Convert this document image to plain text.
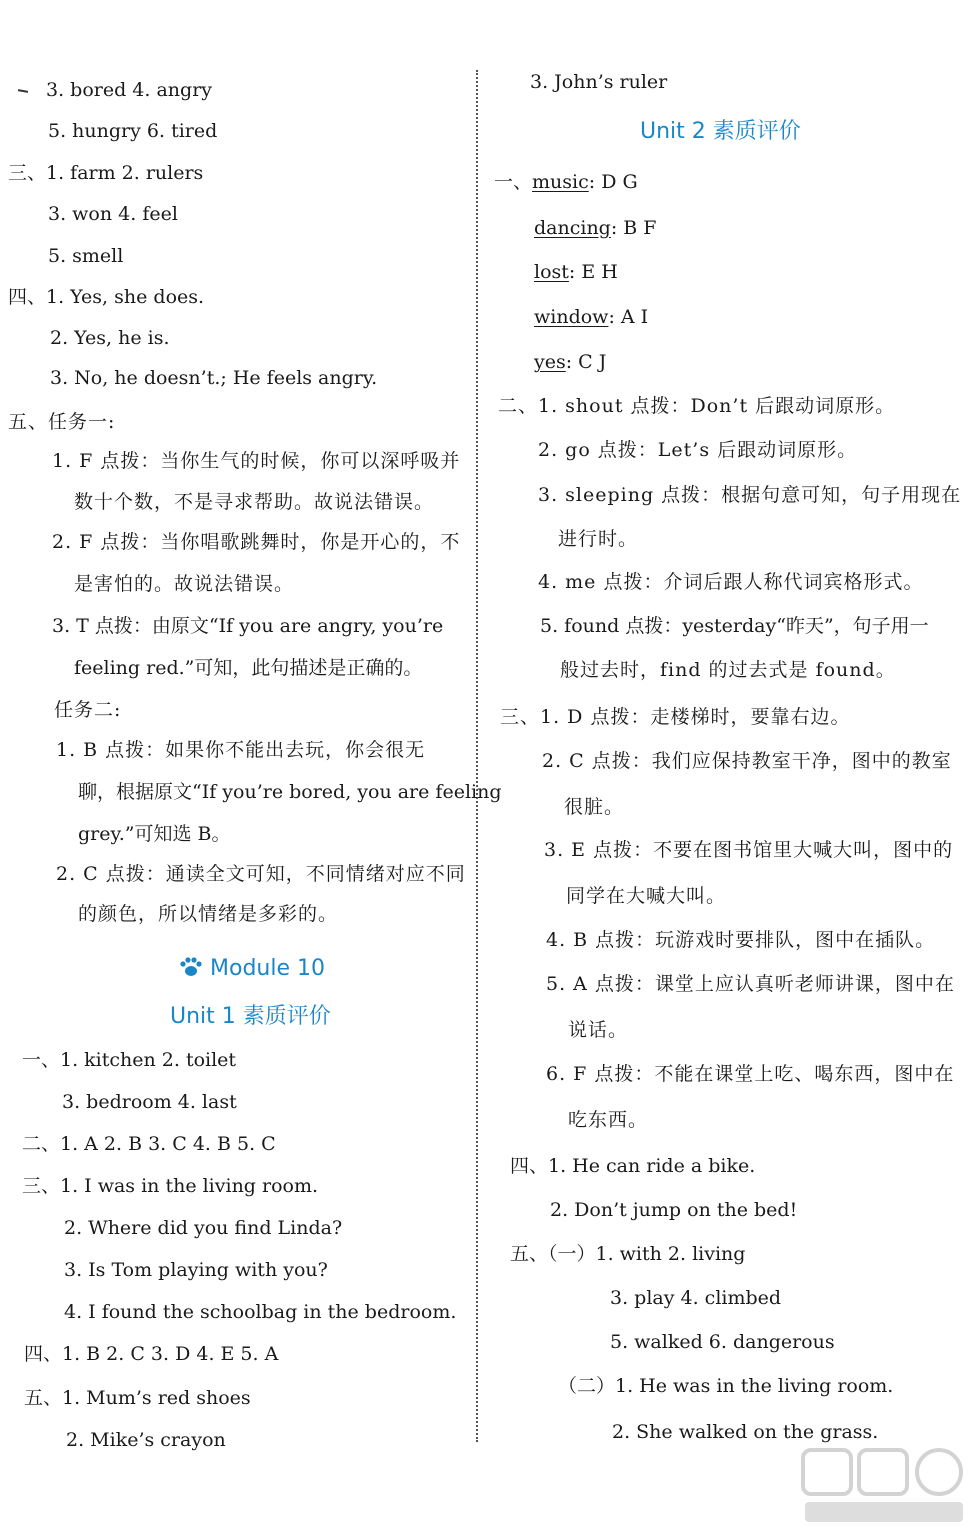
3. bored 4. angry
5. hungry 6. tired
三、1. farm 2. rulers
3. won 4. feel
5. smell
四、1. Yes, she does.
2. Yes, he is.
3. No, he doesn’t.; He feels angry.
五、任务一:
1. F 点拨：当你生气的时候，你可以深呼吸并
数十个数，不是寻求帮助。故说法错误。
2. F 点拨：当你唱歌跳舞时，你是开心的，不
是害怕的。故说法错误。
3. T 点拨：由原文“If you are angry, you’re
feeling red.”可知，此句描述是正确的。
任务二:
1. B 点拨：如果你不能出去玩，你会很无
聊，根据原文“If you’re bored, you are feeling
grey.”可知选 B。
2. C 点拨：通读全文可知，不同情绪对应不同
的颜色，所以情绪是多彩的。
Module 10
Unit 1 素质评价
一、1. kitchen 2. toilet
3. bedroom 4. last
二、1. A 2. B 3. C 4. B 5. C
三、1. I was in the living room.
2. Where did you find Linda?
3. Is Tom playing with you?
4. I found the schoolbag in the bedroom.
四、1. B 2. C 3. D 4. E 5. A
五、1. Mum’s red shoes
2. Mike’s crayon
3. John’s ruler
Unit 2 素质评价
一、music: D G
dancing: B F
lost: E H
window: A I
yes: C J
二、1. shout 点拨：Don’t 后跟动词原形。
2. go 点拨：Let’s 后跟动词原形。
3. sleeping 点拨：根据句意可知，句子用现在
进行时。
4. me 点拨：介词后跟人称代词宾格形式。
5. found 点拨：yesterday“昨天”，句子用一
般过去时，find 的过去式是 found。
三、1. D 点拨：走楼梯时，要靠右边。
2. C 点拨：我们应保持教室干净，图中的教室
很脏。
3. E 点拨：不要在图书馆里大喊大叫，图中的
同学在大喊大叫。
4. B 点拨：玩游戏时要排队，图中在插队。
5. A 点拨：课堂上应认真听老师讲课，图中在
说话。
6. F 点拨：不能在课堂上吃、喝东西，图中在
吃东西。
四、1. He can ride a bike.
2. Don’t jump on the bed!
五、（一）1. with 2. living
3. play 4. climbed
5. walked 6. dangerous
（二）1. He was in the living room.
2. She walked on the grass.
